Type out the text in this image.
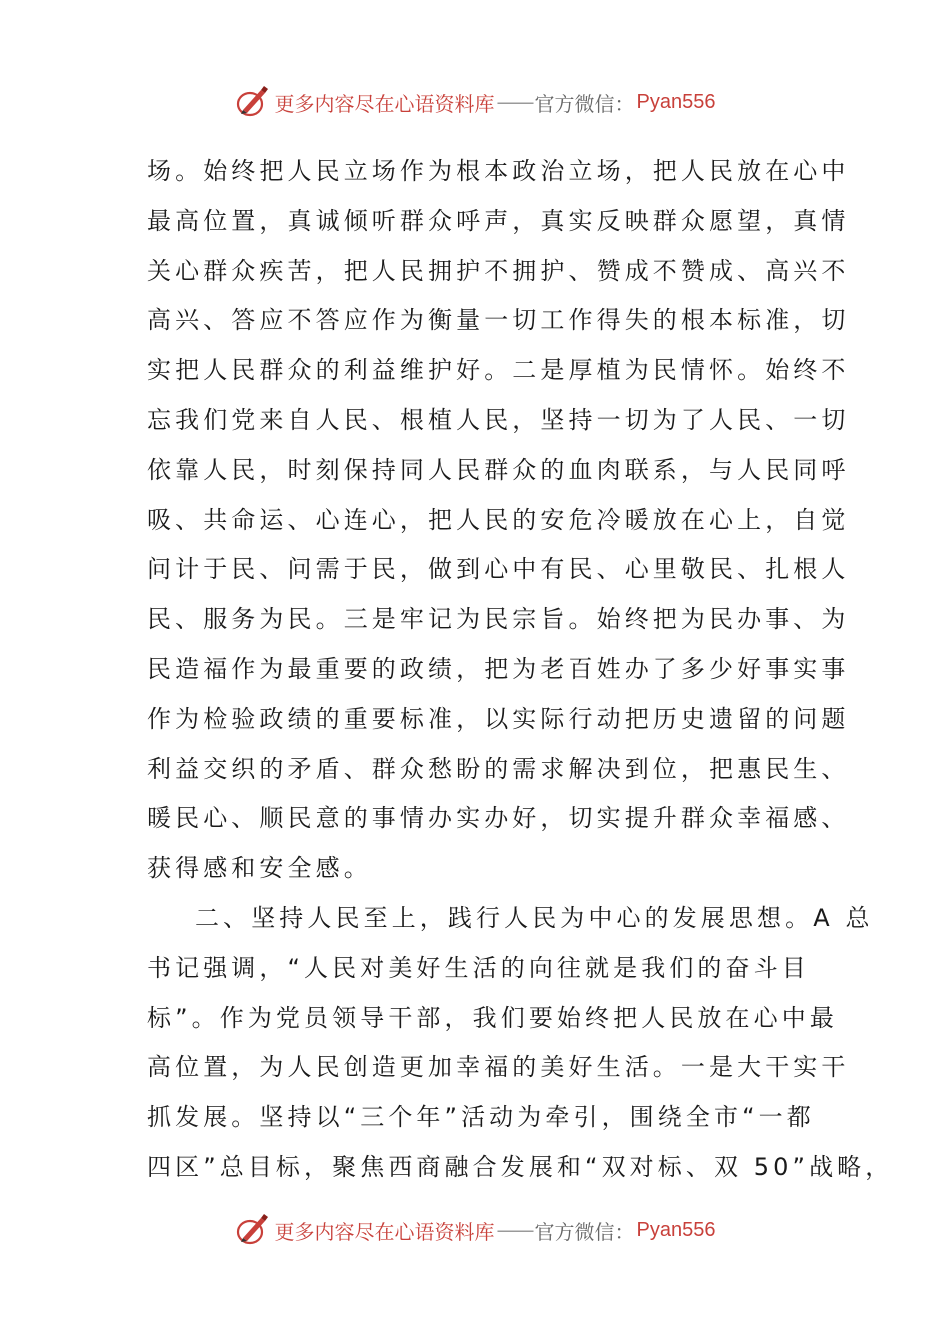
更多内容尽在心语资料库 —— 官方微信： Pyan556
场。始终把人民立场作为根本政治立场，把人民放在心中
最高位置，真诚倾听群众呼声，真实反映群众愿望，真情
关心群众疾苦，把人民拥护不拥护、赞成不赞成、高兴不
高兴、答应不答应作为衡量一切工作得失的根本标准，切
实把人民群众的利益维护好。二是厚植为民情怀。始终不
忘我们党来自人民、根植人民，坚持一切为了人民、一切
依靠人民，时刻保持同人民群众的血肉联系，与人民同呼
吸、共命运、心连心，把人民的安危冷暖放在心上，自觉
问计于民、问需于民，做到心中有民、心里敬民、扎根人
民、服务为民。三是牢记为民宗旨。始终把为民办事、为
民造福作为最重要的政绩，把为老百姓办了多少好事实事
作为检验政绩的重要标准，以实际行动把历史遗留的问题
利益交织的矛盾、群众愁盼的需求解决到位，把惠民生、
暖民心、顺民意的事情办实办好，切实提升群众幸福感、
获得感和安全感。
二、坚持人民至上，践行人民为中心的发展思想。A 总
书记强调，“人民对美好生活的向往就是我们的奋斗目
标”。作为党员领导干部，我们要始终把人民放在心中最
高位置，为人民创造更加幸福的美好生活。一是大干实干
抓发展。坚持以“三个年”活动为牵引，围绕全市“一都
四区”总目标，聚焦西商融合发展和“双对标、双 50”战略，
更多内容尽在心语资料库 —— 官方微信： Pyan556
